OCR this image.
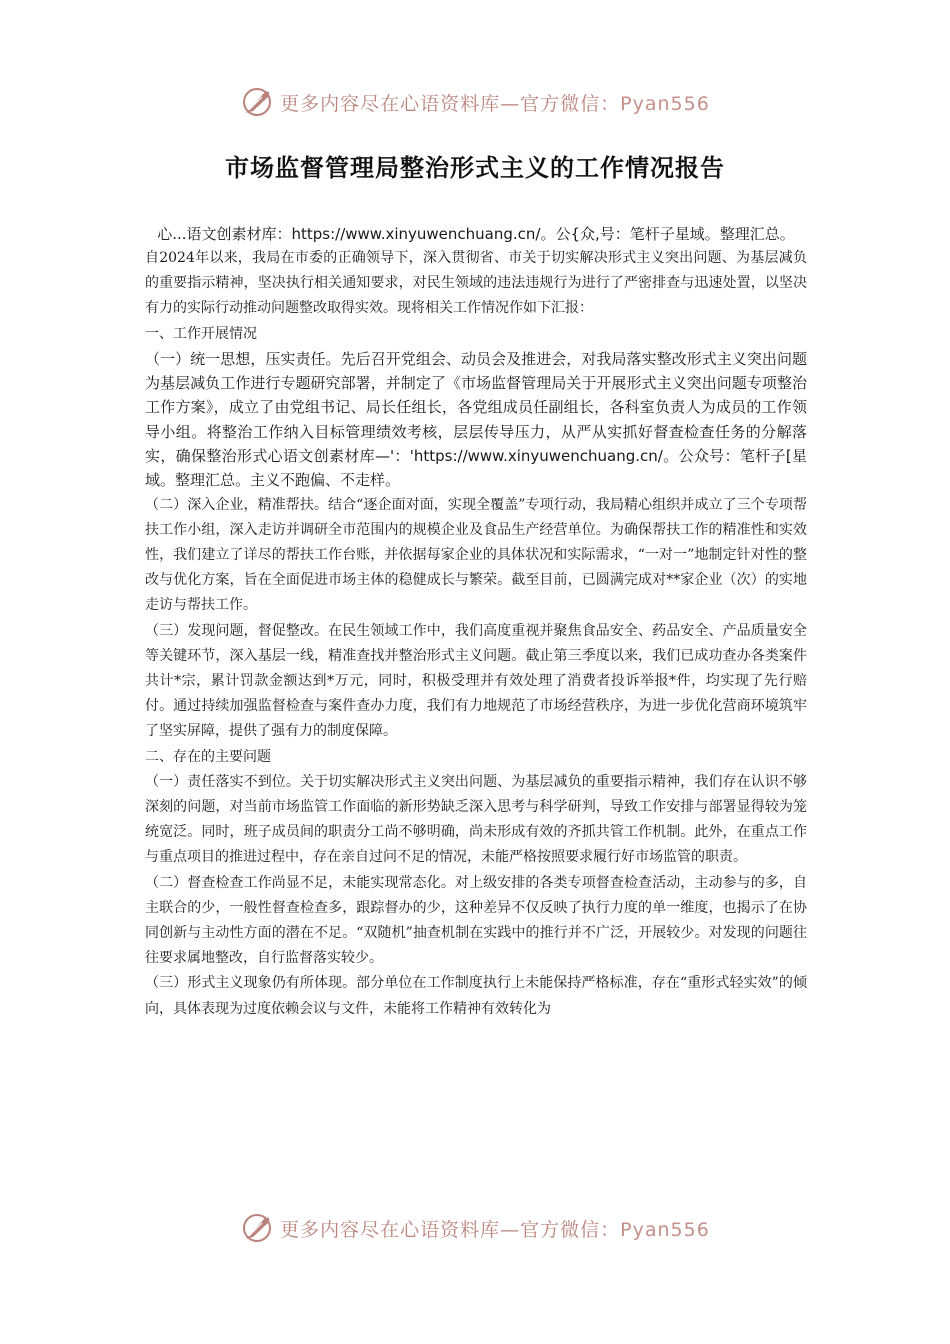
更多内容尽在心语资料库—官方微信：Pyan556
市场监督管理局整治形式主义的工作情况报告
心...语文创素材库：https://www.xinyuwenchuang.cn/。公{众,号：笔杆子星域。整理汇总。

自2024年以来，我局在市委的正确领导下，深入贯彻省、市关于切实解决形式主义突出问题、为基层减负的重要指示精神，坚决执行相关通知要求，对民生领域的违法违规行为进行了严密排查与迅速处置，以坚决有力的实际行动推动问题整改取得实效。现将相关工作情况作如下汇报：

一、工作开展情况

（一）统一思想，压实责任。先后召开党组会、动员会及推进会，对我局落实整改形式主义突出问题为基层减负工作进行专题研究部署，并制定了《市场监督管理局关于开展形式主义突出问题专项整治工作方案》，成立了由党组书记、局长任组长，各党组成员任副组长，各科室负责人为成员的工作领导小组。将整治工作纳入目标管理绩效考核，层层传导压力，从严从实抓好督查检查任务的分解落实，确保整治形式心语文创素材库—'：'https://www.xinyuwenchuang.cn/。公众号：笔杆子[星域。整理汇总。主义不跑偏、不走样。

（二）深入企业，精准帮扶。结合“逐企面对面，实现全覆盖”专项行动，我局精心组织并成立了三个专项帮扶工作小组，深入走访并调研全市范围内的规模企业及食品生产经营单位。为确保帮扶工作的精准性和实效性，我们建立了详尽的帮扶工作台账，并依据每家企业的具体状况和实际需求，“一对一”地制定针对性的整改与优化方案，旨在全面促进市场主体的稳健成长与繁荣。截至目前，已圆满完成对**家企业（次）的实地走访与帮扶工作。

（三）发现问题，督促整改。在民生领域工作中，我们高度重视并聚焦食品安全、药品安全、产品质量安全等关键环节，深入基层一线，精准查找并整治形式主义问题。截止第三季度以来，我们已成功查办各类案件共计*宗，累计罚款金额达到*万元，同时，积极受理并有效处理了消费者投诉举报*件，均实现了先行赔付。通过持续加强监督检查与案件查办力度，我们有力地规范了市场经营秩序，为进一步优化营商环境筑牢了坚实屏障，提供了强有力的制度保障。

二、存在的主要问题

（一）责任落实不到位。关于切实解决形式主义突出问题、为基层减负的重要指示精神，我们存在认识不够深刻的问题，对当前市场监管工作面临的新形势缺乏深入思考与科学研判，导致工作安排与部署显得较为笼统宽泛。同时，班子成员间的职责分工尚不够明确，尚未形成有效的齐抓共管工作机制。此外，在重点工作与重点项目的推进过程中，存在亲自过问不足的情况，未能严格按照要求履行好市场监管的职责。

（二）督查检查工作尚显不足，未能实现常态化。对上级安排的各类专项督查检查活动，主动参与的多，自主联合的少，一般性督查检查多，跟踪督办的少，这种差异不仅反映了执行力度的单一维度，也揭示了在协同创新与主动性方面的潜在不足。“双随机”抽查机制在实践中的推行并不广泛，开展较少。对发现的问题往往要求属地整改，自行监督落实较少。

（三）形式主义现象仍有所体现。部分单位在工作制度执行上未能保持严格标准，存在“重形式轻实效”的倾向，具体表现为过度依赖会议与文件，未能将工作精神有效转化为

更多内容尽在心语资料库—官方微信：Pyan556
